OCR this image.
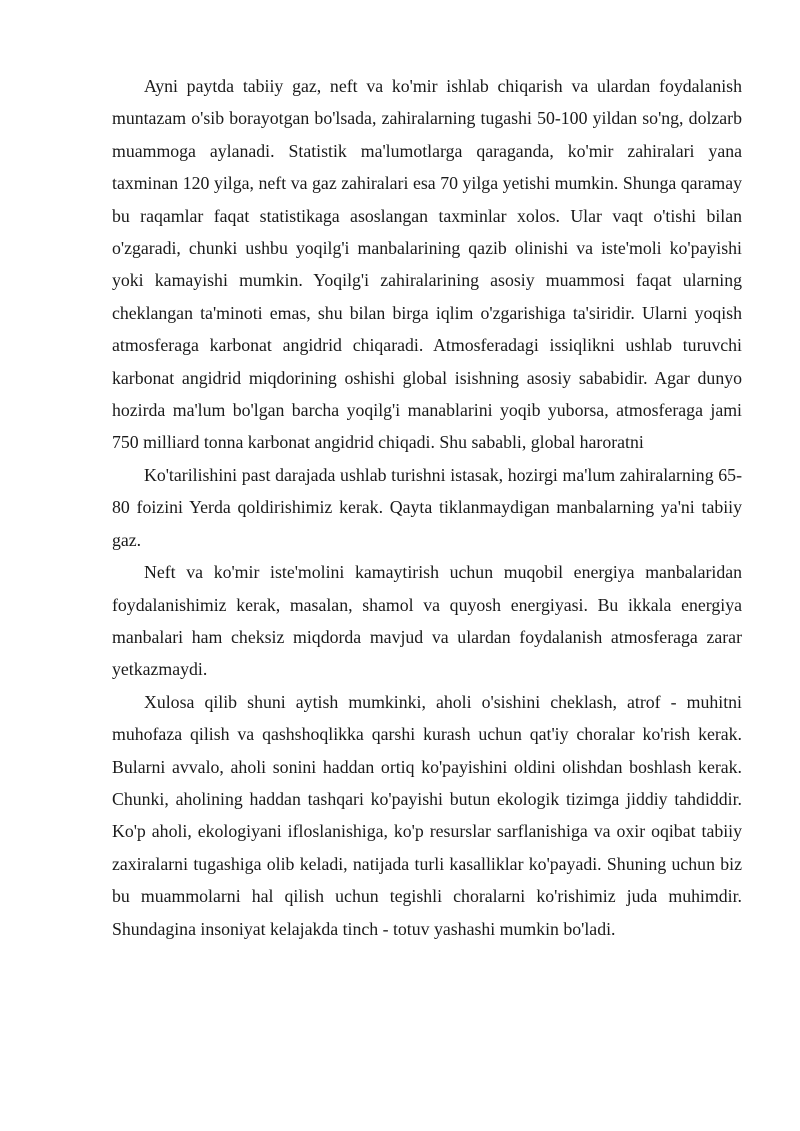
Ayni paytda tabiiy gaz, neft va ko'mir ishlab chiqarish va ulardan foydalanish muntazam o'sib borayotgan bo'lsada, zahiralarning tugashi 50-100 yildan so'ng, dolzarb muammoga aylanadi. Statistik ma'lumotlarga qaraganda, ko'mir zahiralari yana taxminan 120 yilga, neft va gaz zahiralari esa 70 yilga yetishi mumkin. Shunga qaramay bu raqamlar faqat statistikaga asoslangan taxminlar xolos. Ular vaqt o'tishi bilan o'zgaradi, chunki ushbu yoqilg'i manbalarining qazib olinishi va iste'moli ko'payishi yoki kamayishi mumkin. Yoqilg'i zahiralarining asosiy muammosi faqat ularning cheklangan ta'minoti emas, shu bilan birga iqlim o'zgarishiga ta'siridir. Ularni yoqish atmosferaga karbonat angidrid chiqaradi. Atmosferadagi issiqlikni ushlab turuvchi karbonat angidrid miqdorining oshishi global isishning asosiy sababidir. Agar dunyo hozirda ma'lum bo'lgan barcha yoqilg'i manablarini yoqib yuborsa, atmosferaga jami 750 milliard tonna karbonat angidrid chiqadi. Shu sababli, global haroratni

Ko'tarilishini past darajada ushlab turishni istasak, hozirgi ma'lum zahiralarning 65-80 foizini Yerda qoldirishimiz kerak. Qayta tiklanmaydigan manbalarning ya'ni tabiiy gaz.

Neft va ko'mir iste'molini kamaytirish uchun muqobil energiya manbalaridan foydalanishimiz kerak, masalan, shamol va quyosh energiyasi. Bu ikkala energiya manbalari ham cheksiz miqdorda mavjud va ulardan foydalanish atmosferaga zarar yetkazmaydi.

Xulosa qilib shuni aytish mumkinki, aholi o'sishini cheklash, atrof - muhitni muhofaza qilish va qashshoqlikka qarshi kurash uchun qat'iy choralar ko'rish kerak. Bularni avvalo, aholi sonini haddan ortiq ko'payishini oldini olishdan boshlash kerak. Chunki, aholining haddan tashqari ko'payishi butun ekologik tizimga jiddiy tahdiddir. Ko'p aholi, ekologiyani ifloslanishiga, ko'p resurslar sarflanishiga va oxir oqibat tabiiy zaxiralarni tugashiga olib keladi, natijada turli kasalliklar ko'payadi. Shuning uchun biz bu muammolarni hal qilish uchun tegishli choralarni ko'rishimiz juda muhimdir. Shundagina insoniyat kelajakda tinch - totuv yashashi mumkin bo'ladi.
